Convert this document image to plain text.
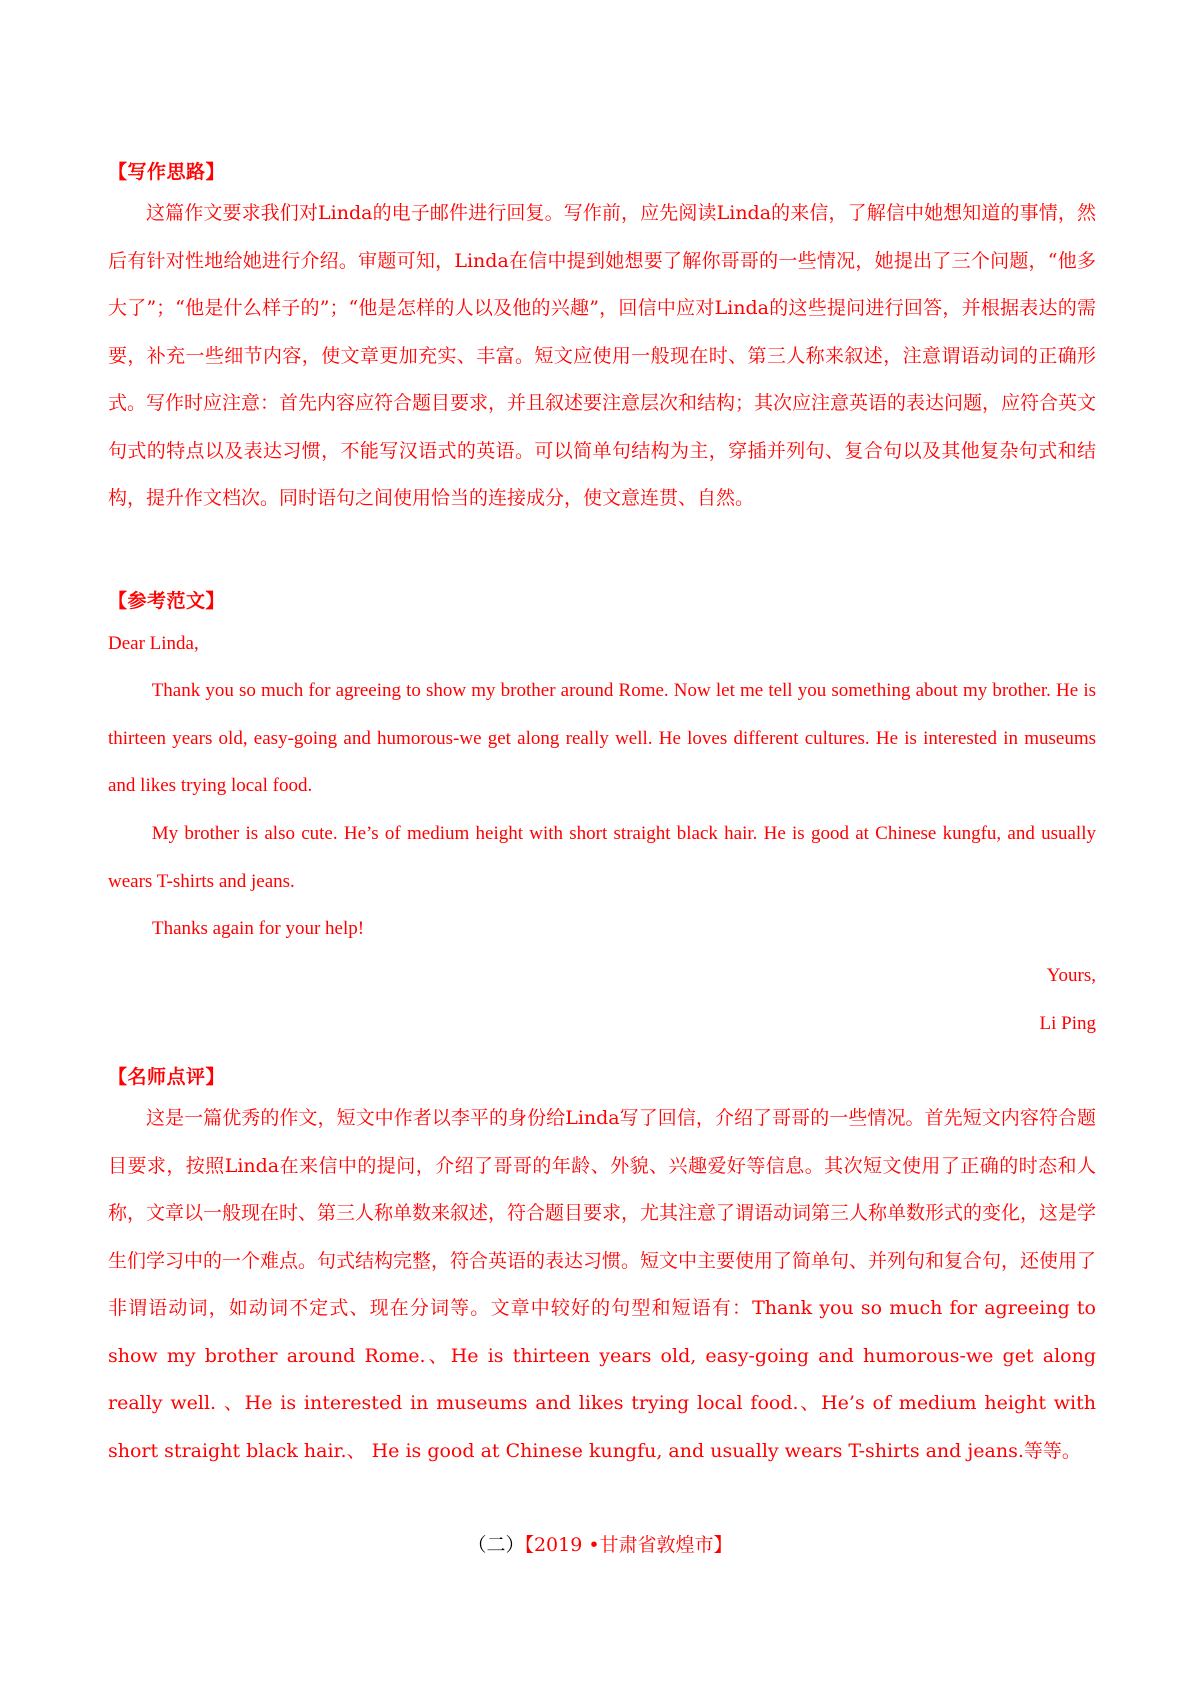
【写作思路】
这篇作文要求我们对Linda的电子邮件进行回复。写作前，应先阅读Linda的来信，了解信中她想知道的事情，然后有针对性地给她进行介绍。审题可知，Linda在信中提到她想要了解你哥哥的一些情况，她提出了三个问题，“他多大了”；“他是什么样子的”；“他是怎样的人以及他的兴趣”，回信中应对Linda的这些提问进行回答，并根据表达的需要，补充一些细节内容，使文章更加充实、丰富。短文应使用一般现在时、第三人称来叙述，注意谓语动词的正确形式。写作时应注意：首先内容应符合题目要求，并且叙述要注意层次和结构；其次应注意英语的表达问题，应符合英文句式的特点以及表达习惯，不能写汉语式的英语。可以简单句结构为主，穿插并列句、复合句以及其他复杂句式和结构，提升作文档次。同时语句之间使用恰当的连接成分，使文意连贯、自然。
【参考范文】
Dear Linda,
Thank you so much for agreeing to show my brother around Rome. Now let me tell you something about my brother. He is thirteen years old, easy-going and humorous-we get along really well. He loves different cultures. He is interested in museums and likes trying local food.
My brother is also cute. He’s of medium height with short straight black hair. He is good at Chinese kungfu, and usually wears T-shirts and jeans.
Thanks again for your help!
Yours,
Li Ping
【名师点评】
这是一篇优秀的作文，短文中作者以李平的身份给Linda写了回信，介绍了哥哥的一些情况。首先短文内容符合题目要求，按照Linda在来信中的提问，介绍了哥哥的年龄、外貌、兴趣爱好等信息。其次短文使用了正确的时态和人称，文章以一般现在时、第三人称单数来叙述，符合题目要求，尤其注意了谓语动词第三人称单数形式的变化，这是学生们学习中的一个难点。句式结构完整，符合英语的表达习惯。短文中主要使用了简单句、并列句和复合句，还使用了非谓语动词，如动词不定式、现在分词等。文章中较好的句型和短语有：Thank you so much for agreeing to show my brother around Rome.、He is thirteen years old, easy-going and humorous-we get along really well. 、He is interested in museums and likes trying local food.、He’s of medium height with short straight black hair.、 He is good at Chinese kungfu, and usually wears T-shirts and jeans.等等。
（二）【2019 •甘肃省敦煌市】
